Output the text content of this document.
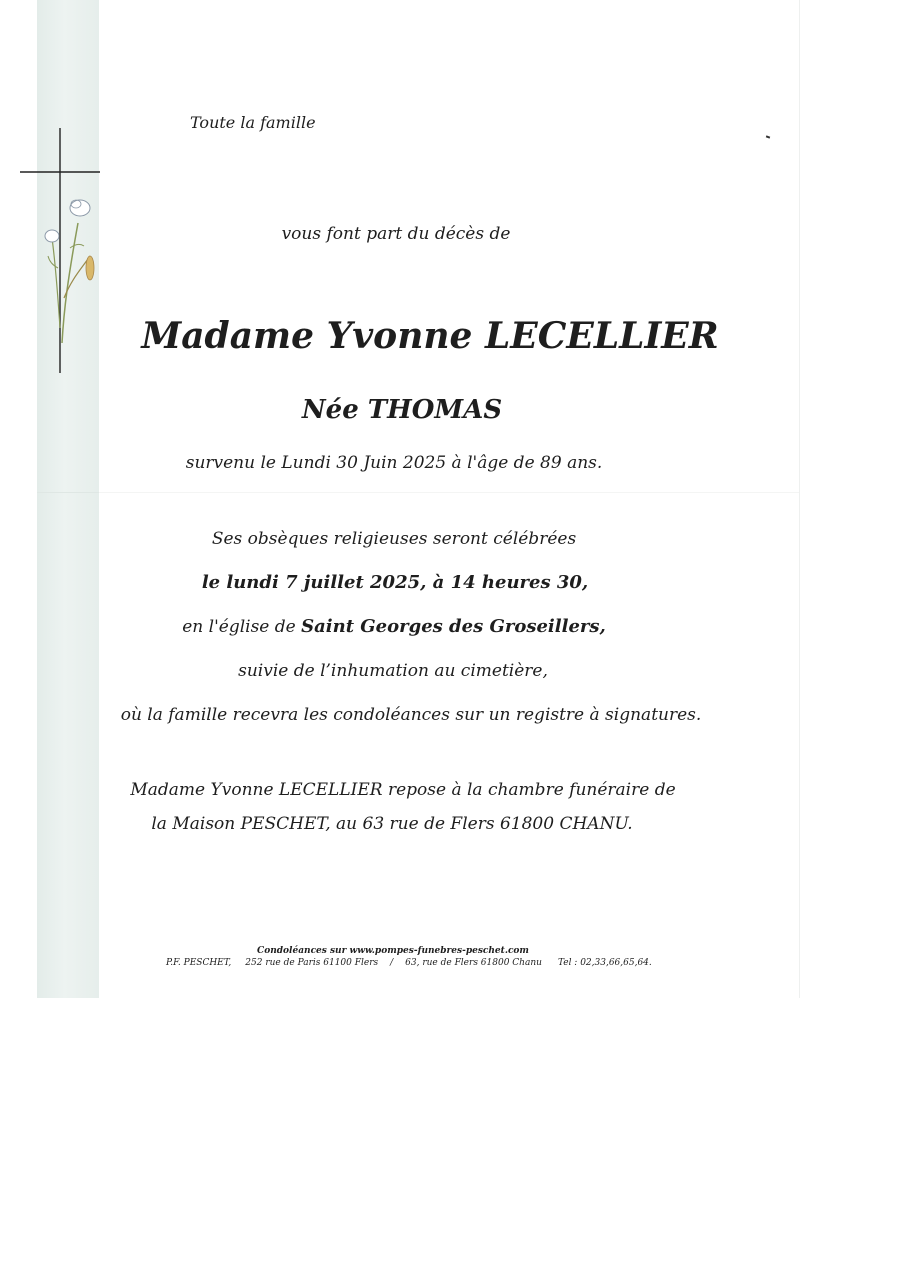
Toute la famille
vous font part du décès de
Madame Yvonne LECELLIER
Née THOMAS
survenu le Lundi 30 Juin 2025 à l'âge de 89 ans.
Ses obsèques religieuses seront célébrées
le lundi 7 juillet 2025, à 14 heures 30,
en l'église de Saint Georges des Groseillers,
suivie de l’inhumation au cimetière,
où la famille recevra les condoléances sur un registre à signatures.
Madame Yvonne LECELLIER repose à la chambre funéraire de
la Maison PESCHET, au 63 rue de Flers 61800 CHANU.
Condoléances sur www.pompes-funebres-peschet.com
P.F. PESCHET, 252 rue de Paris 61100 Flers / 63, rue de Flers 61800 Chanu Tel : 02,33,66,65,64.
